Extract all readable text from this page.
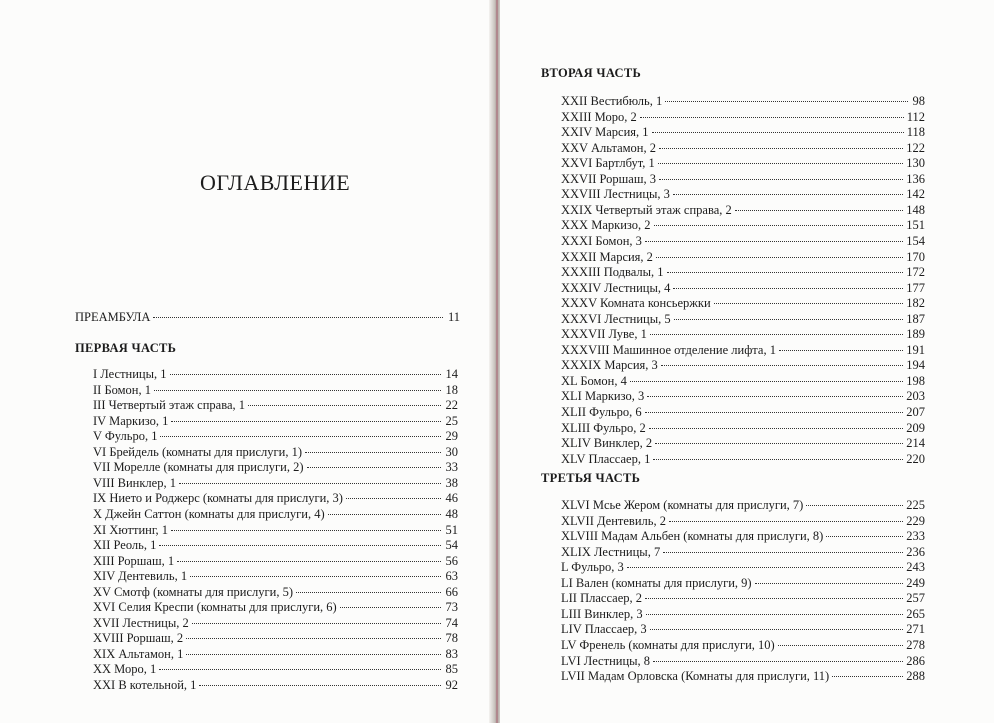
ОГЛАВЛЕНИЕ
ПРЕАМБУЛА	11
ПЕРВАЯ ЧАСТЬ
I Лестницы, 1	14
II Бомон, 1	18
III Четвертый этаж справа, 1	22
IV Маркизо, 1	25
V Фульро, 1	29
VI Брейдель (комнаты для прислуги, 1)	30
VII Морелле (комнаты для прислуги, 2)	33
VIII Винклер, 1	38
IX Нието и Роджерс (комнаты для прислуги, 3)	46
X Джейн Саттон (комнаты для прислуги, 4)	48
XI Хюттинг, 1	51
XII Реоль, 1	54
XIII Роршаш, 1	56
XIV Дентевиль, 1	63
XV Смотф (комнаты для прислуги, 5)	66
XVI Селия Креспи (комнаты для прислуги, 6)	73
XVII Лестницы, 2	74
XVIII Роршаш, 2	78
XIX Альтамон, 1	83
XX Моро, 1	85
XXI В котельной, 1	92
ВТОРАЯ ЧАСТЬ
XXII Вестибюль, 1	98
XXIII Моро, 2	112
XXIV Марсия, 1	118
XXV Альтамон, 2	122
XXVI Бартлбут, 1	130
XXVII Роршаш, 3	136
XXVIII Лестницы, 3	142
XXIX Четвертый этаж справа, 2	148
XXX Маркизо, 2	151
XXXI Бомон, 3	154
XXXII Марсия, 2	170
XXXIII Подвалы, 1	172
XXXIV Лестницы, 4	177
XXXV Комната консьержки	182
XXXVI Лестницы, 5	187
XXXVII Луве, 1	189
XXXVIII Машинное отделение лифта, 1	191
XXXIX Марсия, 3	194
XL Бомон, 4	198
XLI Маркизо, 3	203
XLII Фульро, 6	207
XLIII Фульро, 2	209
XLIV Винклер, 2	214
XLV Плассаер, 1	220
ТРЕТЬЯ ЧАСТЬ
XLVI Мсье Жером (комнаты для прислуги, 7)	225
XLVII Дентевиль, 2	229
XLVIII Мадам Альбен (комнаты для прислуги, 8)	233
XLIX Лестницы, 7	236
L Фульро, 3	243
LI Вален (комнаты для прислуги, 9)	249
LII Плассаер, 2	257
LIII Винклер, 3	265
LIV Плассаер, 3	271
LV Френель (комнаты для прислуги, 10)	278
LVI Лестницы, 8	286
LVII Мадам Орловска (Комнаты для прислуги, 11)	288
